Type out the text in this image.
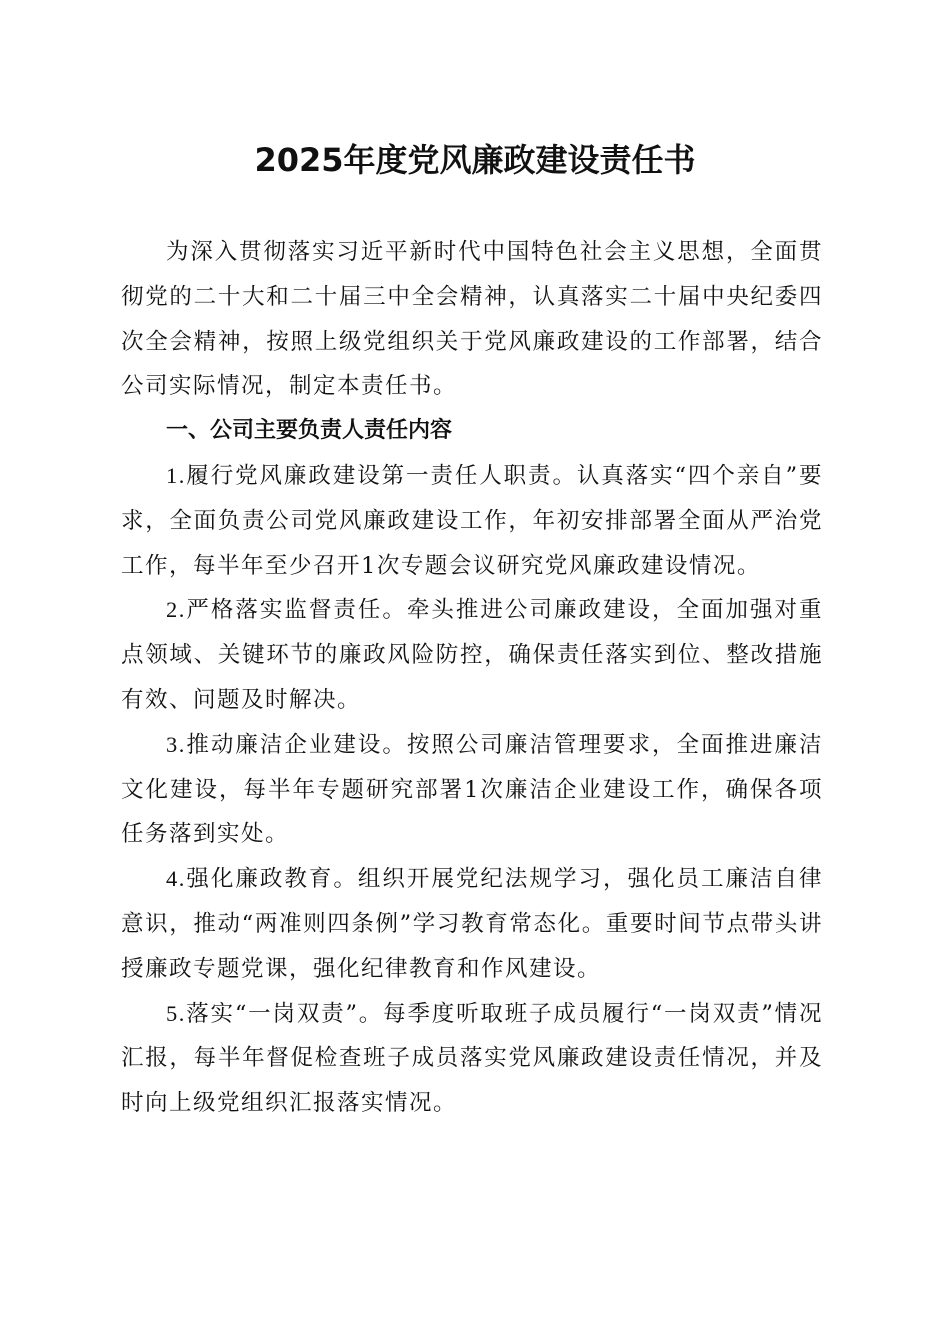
2025年度党风廉政建设责任书

为深入贯彻落实习近平新时代中国特色社会主义思想，全面贯彻党的二十大和二十届三中全会精神，认真落实二十届中央纪委四次全会精神，按照上级党组织关于党风廉政建设的工作部署，结合公司实际情况，制定本责任书。

一、公司主要负责人责任内容

1.履行党风廉政建设第一责任人职责。认真落实“四个亲自”要求，全面负责公司党风廉政建设工作，年初安排部署全面从严治党工作，每半年至少召开1次专题会议研究党风廉政建设情况。

2.严格落实监督责任。牵头推进公司廉政建设，全面加强对重点领域、关键环节的廉政风险防控，确保责任落实到位、整改措施有效、问题及时解决。

3.推动廉洁企业建设。按照公司廉洁管理要求，全面推进廉洁文化建设，每半年专题研究部署1次廉洁企业建设工作，确保各项任务落到实处。

4.强化廉政教育。组织开展党纪法规学习，强化员工廉洁自律意识，推动“两准则四条例”学习教育常态化。重要时间节点带头讲授廉政专题党课，强化纪律教育和作风建设。

5.落实“一岗双责”。每季度听取班子成员履行“一岗双责”情况汇报，每半年督促检查班子成员落实党风廉政建设责任情况，并及时向上级党组织汇报落实情况。
